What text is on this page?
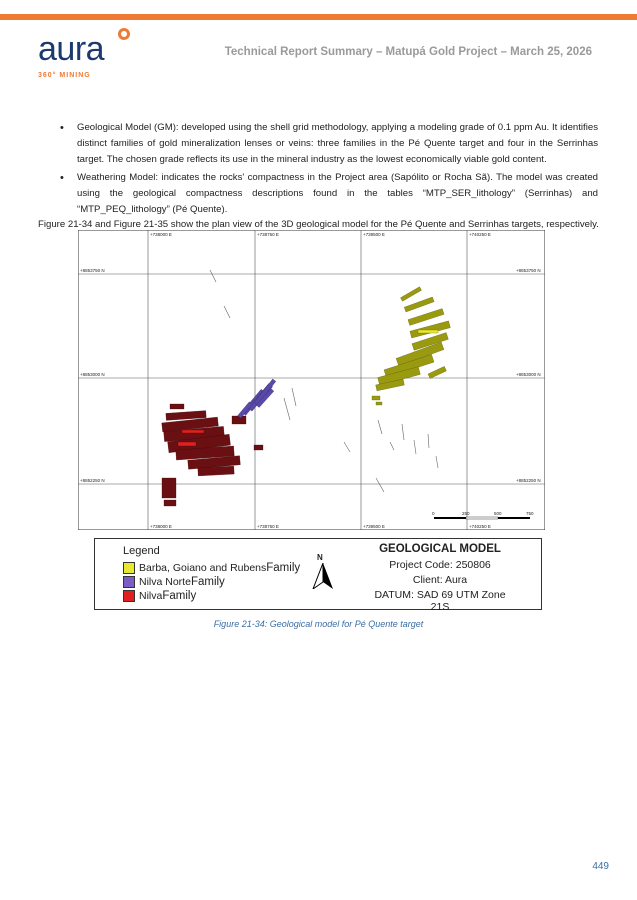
aura
360° MINING
Technical Report Summary – Matupá Gold Project – March 25, 2026
• Geological Model (GM): developed using the shell grid methodology, applying a modeling grade of 0.1 ppm Au. It identifies distinct families of gold mineralization lenses or veins: three families in the Pé Quente target and four in the Serrinhas target. The chosen grade reflects its use in the mineral industry as the lowest economically viable gold content.
• Weathering Model: indicates the rocks' compactness in the Project area (Sapólito or Rocha Sã). The model was created using the geological compactness descriptions found in the tables “MTP_SER_lithology” (Serrinhas) and “MTP_PEQ_lithology” (Pé Quente).
Figure 21-34 and Figure 21-35 show the plan view of the 3D geological model for the Pé Quente and Serrinhas targets, respectively.
+738000 E	+738750 E	+739500 E	+740250 E
+738000 E	+738750 E	+739500 E	+740250 E
+8853750 N
+8853000 N
+8852250 N
+8853750 N
+8853000 N
+8852250 N
0	250	500	750
Legend
Barba, Goiano and Rubens Family
Nilva Norte Family
Nilva Family
N
GEOLOGICAL MODEL
Project Code: 250806
Client: Aura
DATUM: SAD 69 UTM Zone 21S
Figure 21-34: Geological model for Pé Quente target
449
